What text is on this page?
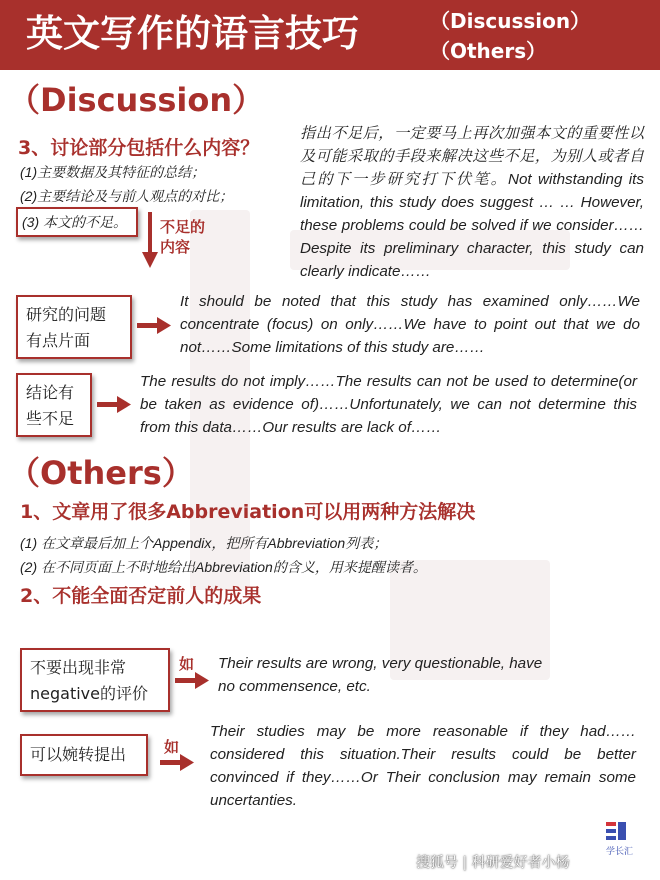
英文写作的语言技巧	（Discussion）
（Others）
（Discussion）
3、讨论部分包括什么内容？
(1)主要数据及其特征的总结；
(2)主要结论及与前人观点的对比；
(3) 本文的不足。 不足的
内容
指出不足后，一定要马上再次加强本文的重要性以及可能采取的手段来解决这些不足，为别人或者自己的下一步研究打下伏笔。Not withstanding its limitation, this study does suggest … … However, these problems could be solved if we consider……Despite its preliminary character, this study can clearly indicate……
研究的问题
有点片面
It should be noted that this study has examined only……We concentrate (focus) on only……We have to point out that we do not……Some limitations of this study are……
结论有
些不足
The results do not imply……The results can not be used to determine(or be taken as evidence of)……Unfortunately, we can not determine this from this data……Our results are lack of……
（Others）
1、文章用了很多Abbreviation可以用两种方法解决
(1) 在文章最后加上个Appendix，把所有Abbreviation列表；
(2) 在不同页面上不时地给出Abbreviation的含义，用来提醒读者。
2、不能全面否定前人的成果
不要出现非常
negative的评价
如 Their results are wrong, very questionable, have no commensence, etc.
可以婉转提出	如
Their studies may be more reasonable if they had……considered this situation.Their results could be better convinced if they……Or Their conclusion may remain some uncertanties.
学长汇
搜狐号 | 科研爱好者小杨
